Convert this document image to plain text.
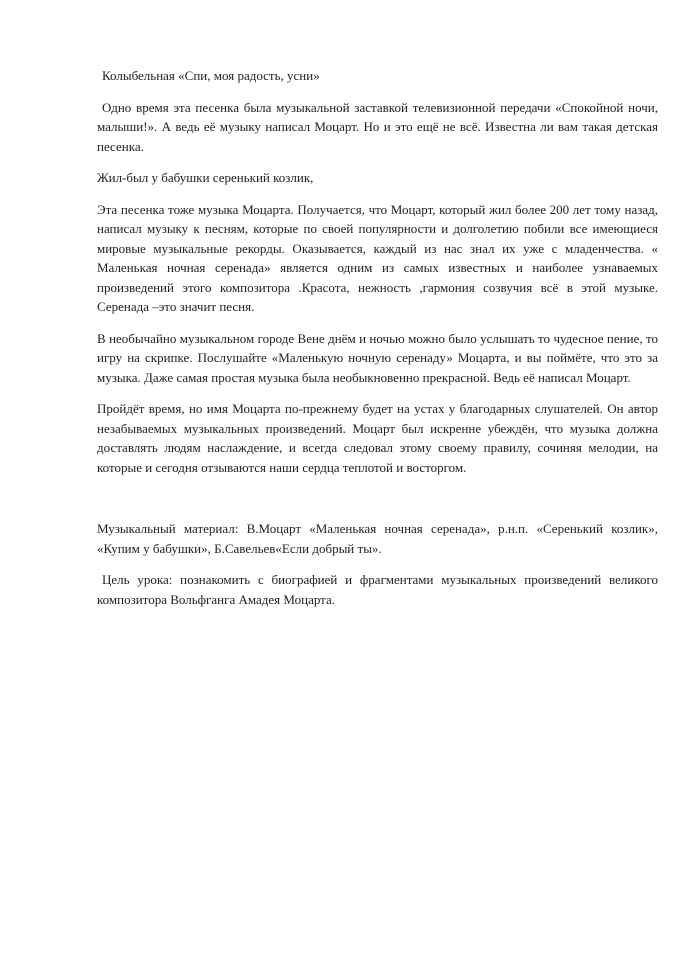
Колыбельная «Спи, моя радость, усни»

Одно время эта песенка была музыкальной заставкой телевизионной передачи «Спокойной ночи, малыши!». А ведь её музыку написал Моцарт. Но и это ещё не всё. Известна ли вам такая детская песенка.

Жил-был у бабушки серенький козлик,

Эта песенка тоже музыка Моцарта. Получается, что Моцарт, который жил более 200 лет тому назад, написал музыку к песням, которые по своей популярности и долголетию побили все имеющиеся мировые музыкальные рекорды. Оказывается, каждый из нас знал их уже с младенчества. « Маленькая ночная серенада» является одним из самых известных и наиболее узнаваемых произведений этого композитора .Красота, нежность ,гармония созвучия всё в этой музыке. Серенада –это значит песня.

В необычайно музыкальном городе Вене днём и ночью можно было услышать то чудесное пение, то игру на скрипке. Послушайте «Маленькую ночную серенаду» Моцарта, и вы поймёте, что это за музыка. Даже самая простая музыка была необыкновенно прекрасной. Ведь её написал Моцарт.

Пройдёт время, но имя Моцарта по-прежнему будет на устах у благодарных слушателей. Он автор незабываемых музыкальных произведений. Моцарт был искренне убеждён, что музыка должна доставлять людям наслаждение, и всегда следовал этому своему правилу, сочиняя мелодии, на которые и сегодня отзываются наши сердца теплотой и восторгом.

Музыкальный материал: В.Моцарт «Маленькая ночная серенада», р.н.п. «Серенький козлик», «Купим у бабушки», Б.Савельев«Если добрый ты».

Цель урока: познакомить с биографией и фрагментами музыкальных произведений великого композитора Вольфганга Амадея Моцарта.
